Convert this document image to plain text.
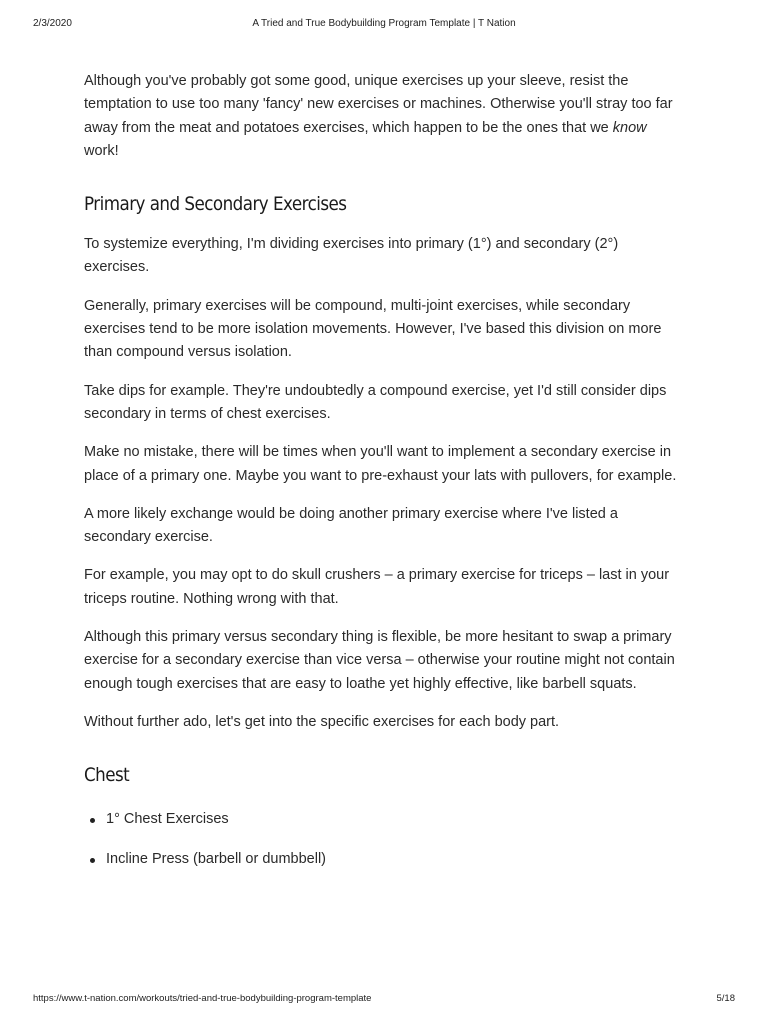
2/3/2020	A Tried and True Bodybuilding Program Template | T Nation

Although you've probably got some good, unique exercises up your sleeve, resist the temptation to use too many 'fancy' new exercises or machines. Otherwise you'll stray too far away from the meat and potatoes exercises, which happen to be the ones that we know work!

Primary and Secondary Exercises

To systemize everything, I'm dividing exercises into primary (1°) and secondary (2°) exercises.

Generally, primary exercises will be compound, multi-joint exercises, while secondary exercises tend to be more isolation movements. However, I've based this division on more than compound versus isolation.

Take dips for example. They're undoubtedly a compound exercise, yet I'd still consider dips secondary in terms of chest exercises.

Make no mistake, there will be times when you'll want to implement a secondary exercise in place of a primary one. Maybe you want to pre-exhaust your lats with pullovers, for example.

A more likely exchange would be doing another primary exercise where I've listed a secondary exercise.

For example, you may opt to do skull crushers – a primary exercise for triceps – last in your triceps routine. Nothing wrong with that.

Although this primary versus secondary thing is flexible, be more hesitant to swap a primary exercise for a secondary exercise than vice versa – otherwise your routine might not contain enough tough exercises that are easy to loathe yet highly effective, like barbell squats.

Without further ado, let's get into the specific exercises for each body part.

Chest
1° Chest Exercises
Incline Press (barbell or dumbbell)
https://www.t-nation.com/workouts/tried-and-true-bodybuilding-program-template	5/18
